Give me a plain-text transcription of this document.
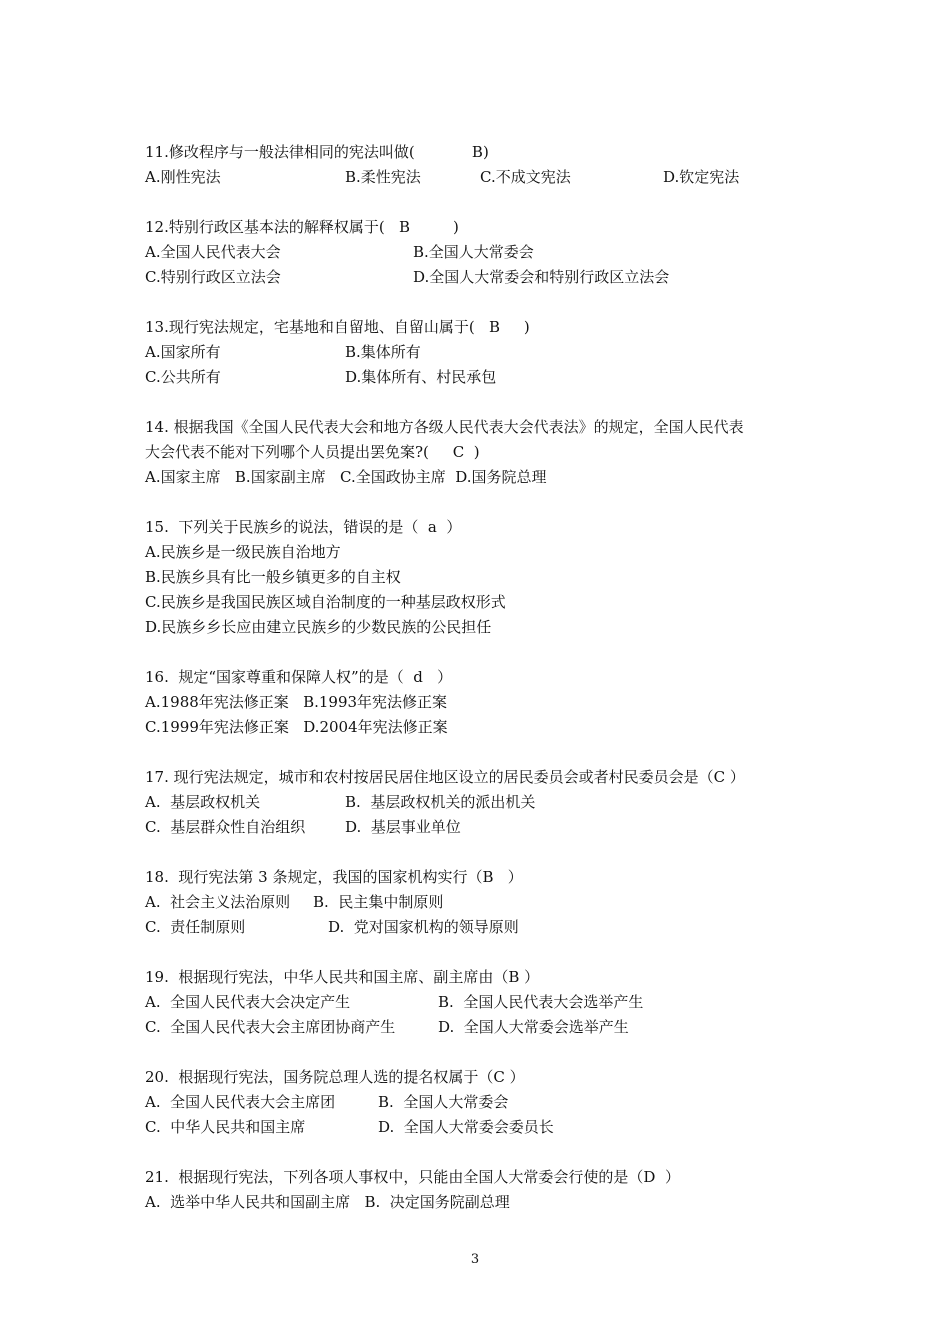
11.修改程序与一般法律相同的宪法叫做(            B)

A.刚性宪法

	B.柔性宪法

	C.不成文宪法

	D.钦定宪法

12.特别行政区基本法的解释权属于(   B         )

A.全国人民代表大会

	B.全国人大常委会

C.特别行政区立法会

	D.全国人大常委会和特别行政区立法会

13.现行宪法规定，宅基地和自留地、自留山属于(   B     )

A.国家所有

	B.集体所有

C.公共所有

	D.集体所有、村民承包

14. 根据我国《全国人民代表大会和地方各级人民代表大会代表法》的规定，全国人民代表
大会代表不能对下列哪个人员提出罢免案?(     C  )
A.国家主席   B.国家副主席   C.全国政协主席  D.国务院总理
15.  下列关于民族乡的说法，错误的是（  a  ）
A.民族乡是一级民族自治地方
B.民族乡具有比一般乡镇更多的自主权
C.民族乡是我国民族区域自治制度的一种基层政权形式
D.民族乡乡长应由建立民族乡的少数民族的公民担任
16.  规定“国家尊重和保障人权”的是（  d   ）
A.1988年宪法修正案   B.1993年宪法修正案
C.1999年宪法修正案   D.2004年宪法修正案
17. 现行宪法规定，城市和农村按居民居住地区设立的居民委员会或者村民委员会是（C ）

A.  基层政权机关

	B.  基层政权机关的派出机关

C.  基层群众性自治组织

	D.  基层事业单位

18.  现行宪法第 3 条规定，我国的国家机构实行（B   ）

A.  社会主义法治原则

B.  民主集中制原则

C.  责任制原则

	D.  党对国家机构的领导原则

19.  根据现行宪法，中华人民共和国主席、副主席由（B ）

A.  全国人民代表大会决定产生

	B.  全国人民代表大会选举产生

C.  全国人民代表大会主席团协商产生

	D.  全国人大常委会选举产生

20.  根据现行宪法，国务院总理人选的提名权属于（C ）

A.  全国人民代表大会主席团

	B.  全国人大常委会

C.  中华人民共和国主席

	D.  全国人大常委会委员长

21.  根据现行宪法，下列各项人事权中，只能由全国人大常委会行使的是（D  ）
A.  选举中华人民共和国副主席   B.  决定国务院副总理
3
